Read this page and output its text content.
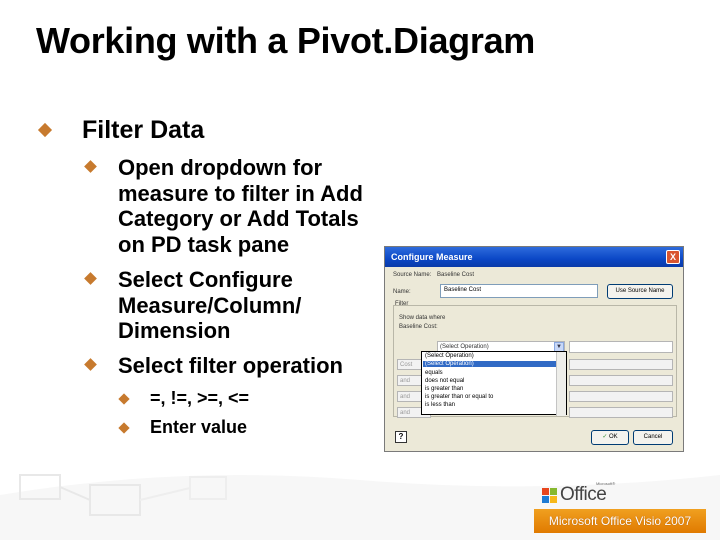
Working with a Pivot.Diagram
Filter Data
Open dropdown for
measure to filter in Add
Category or Add Totals
on PD task pane
Select Configure
Measure/Column/
Dimension
Select filter operation
=, !=, >=, <=
Enter value
Configure Measure	X
Source Name: Baseline Cost
Name:	Baseline Cost	Use Source Name
Filter
Show data where
Baseline Cost:
(Select Operation)	▼
Cost
and
and
and
(Select Operation)
(Select Operation)
equals
does not equal
is greater than
is greater than or equal to
is less than
?	✓ OK	Cancel
Microsoft®
Office
Microsoft Office Visio 2007
